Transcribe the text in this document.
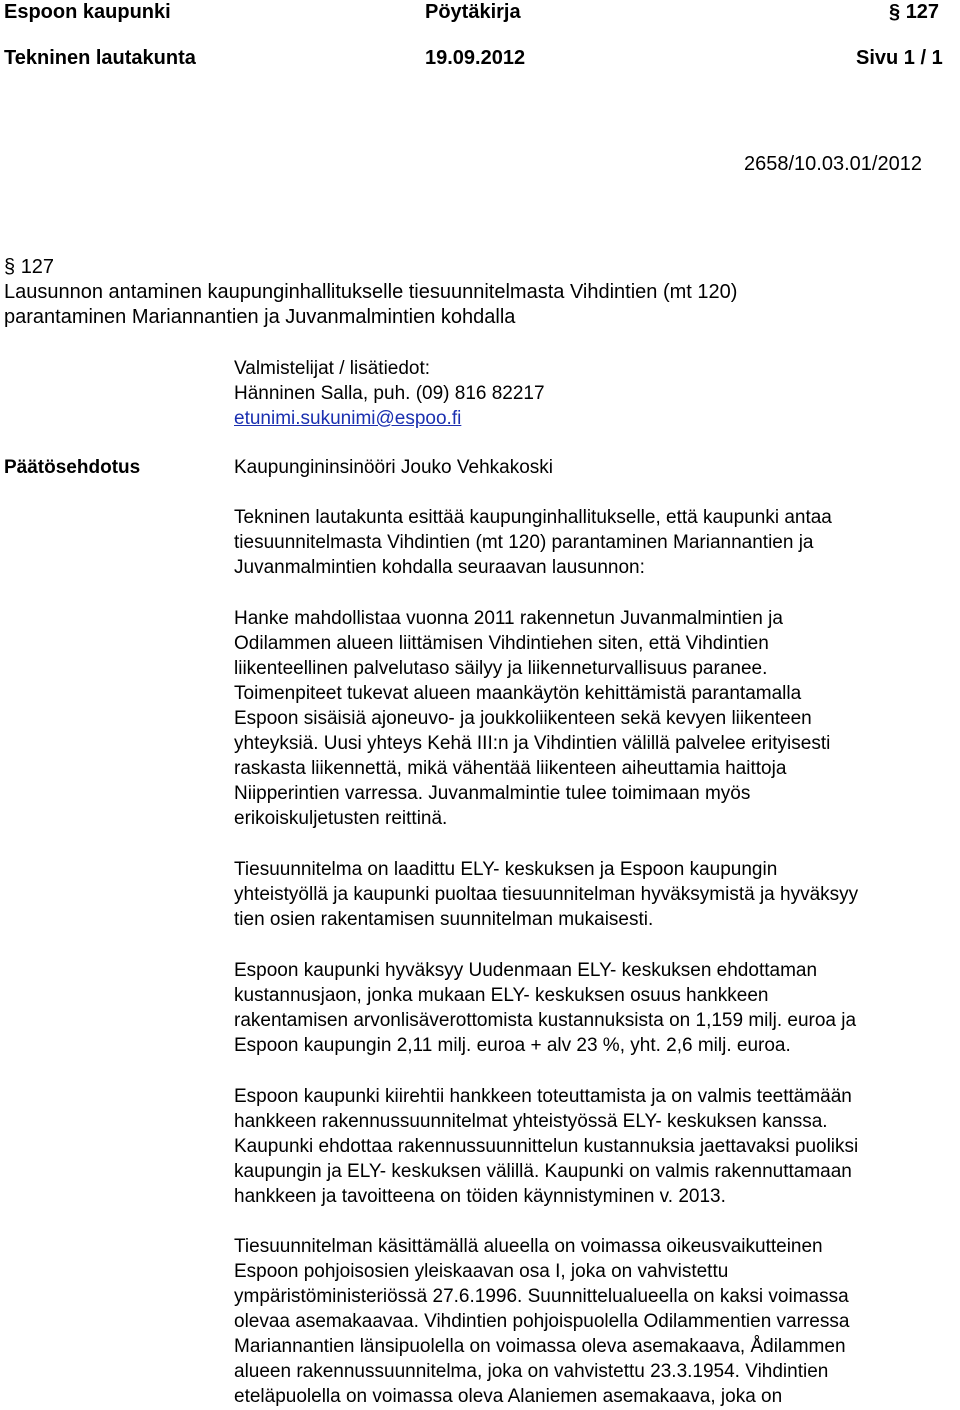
Espoon kaupunki	Pöytäkirja	§ 127
Tekninen lautakunta	19.09.2012	Sivu 1 / 1
2658/10.03.01/2012
§ 127
Lausunnon antaminen kaupunginhallitukselle tiesuunnitelmasta Vihdintien (mt 120)
parantaminen Mariannantien ja Juvanmalmintien kohdalla
Valmistelijat / lisätiedot:
Hänninen Salla, puh. (09) 816 82217
etunimi.sukunimi@espoo.fi
Päätösehdotus	Kaupungininsinööri Jouko Vehkakoski
Tekninen lautakunta esittää kaupunginhallitukselle, että kaupunki antaa
tiesuunnitelmasta Vihdintien (mt 120) parantaminen Mariannantien ja
Juvanmalmintien kohdalla seuraavan lausunnon:
Hanke mahdollistaa vuonna 2011 rakennetun Juvanmalmintien ja
Odilammen alueen liittämisen Vihdintiehen siten, että Vihdintien
liikenteellinen palvelutaso säilyy ja liikenneturvallisuus paranee.
Toimenpiteet tukevat alueen maankäytön kehittämistä parantamalla
Espoon sisäisiä ajoneuvo- ja joukkoliikenteen sekä kevyen liikenteen
yhteyksiä. Uusi yhteys Kehä III:n ja Vihdintien välillä palvelee erityisesti
raskasta liikennettä, mikä vähentää liikenteen aiheuttamia haittoja
Niipperintien varressa. Juvanmalmintie tulee toimimaan myös
erikoiskuljetusten reittinä.
Tiesuunnitelma on laadittu ELY- keskuksen ja Espoon kaupungin
yhteistyöllä ja kaupunki puoltaa tiesuunnitelman hyväksymistä ja hyväksyy
tien osien rakentamisen suunnitelman mukaisesti.
Espoon kaupunki hyväksyy Uudenmaan ELY- keskuksen ehdottaman
kustannusjaon, jonka mukaan ELY- keskuksen osuus hankkeen
rakentamisen arvonlisäverottomista kustannuksista on 1,159 milj. euroa ja
Espoon kaupungin 2,11 milj. euroa + alv 23 %, yht. 2,6 milj. euroa.
Espoon kaupunki kiirehtii hankkeen toteuttamista ja on valmis teettämään
hankkeen rakennussuunnitelmat yhteistyössä ELY- keskuksen kanssa.
Kaupunki ehdottaa rakennussuunnittelun kustannuksia jaettavaksi puoliksi
kaupungin ja ELY- keskuksen välillä. Kaupunki on valmis rakennuttamaan
hankkeen ja tavoitteena on töiden käynnistyminen v. 2013.
Tiesuunnitelman käsittämällä alueella on voimassa oikeusvaikutteinen
Espoon pohjoisosien yleiskaavan osa I, joka on vahvistettu
ympäristöministeriössä 27.6.1996. Suunnittelualueella on kaksi voimassa
olevaa asemakaavaa. Vihdintien pohjoispuolella Odilammentien varressa
Mariannantien länsipuolella on voimassa oleva asemakaava, Ådilammen
alueen rakennussuunnitelma, joka on vahvistettu 23.3.1954. Vihdintien
eteläpuolella on voimassa oleva Alaniemen asemakaava, joka on
